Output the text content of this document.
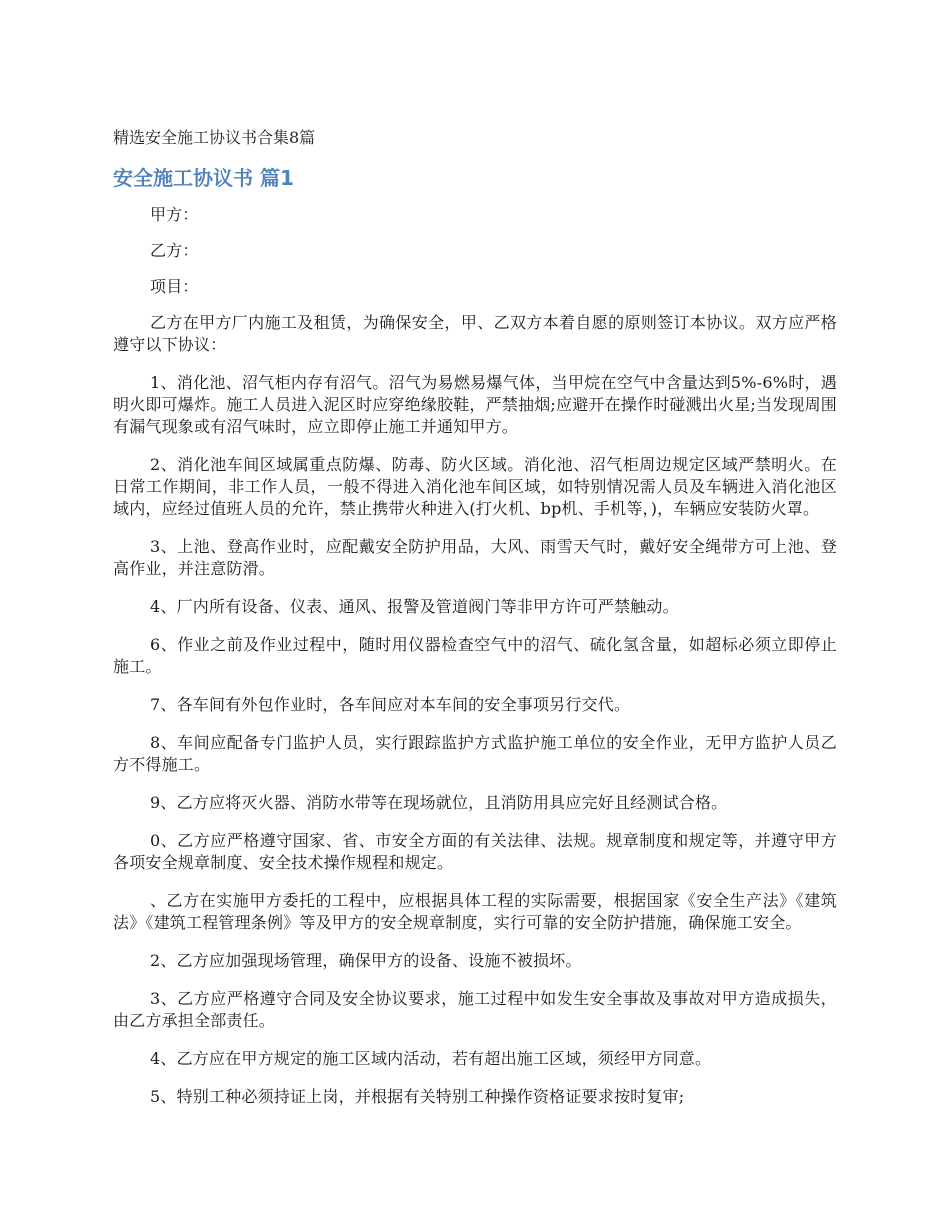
精选安全施工协议书合集8篇
安全施工协议书 篇1

甲方：

乙方：

项目：

乙方在甲方厂内施工及租赁，为确保安全，甲、乙双方本着自愿的原则签订本协议。双方应严格遵守以下协议：

1、消化池、沼气柜内存有沼气。沼气为易燃易爆气体，当甲烷在空气中含量达到5%-6%时，遇明火即可爆炸。施工人员进入泥区时应穿绝缘胶鞋，严禁抽烟;应避开在操作时碰溅出火星;当发现周围有漏气现象或有沼气味时，应立即停止施工并通知甲方。

2、消化池车间区域属重点防爆、防毒、防火区域。消化池、沼气柜周边规定区域严禁明火。在日常工作期间，非工作人员，一般不得进入消化池车间区域，如特别情况需人员及车辆进入消化池区域内，应经过值班人员的允许，禁止携带火种进入(打火机、bp机、手机等，)，车辆应安装防火罩。

3、上池、登高作业时，应配戴安全防护用品，大风、雨雪天气时，戴好安全绳带方可上池、登高作业，并注意防滑。

4、厂内所有设备、仪表、通风、报警及管道阀门等非甲方许可严禁触动。

6、作业之前及作业过程中，随时用仪器检查空气中的沼气、硫化氢含量，如超标必须立即停止施工。

7、各车间有外包作业时，各车间应对本车间的安全事项另行交代。

8、车间应配备专门监护人员，实行跟踪监护方式监护施工单位的安全作业，无甲方监护人员乙方不得施工。

9、乙方应将灭火器、消防水带等在现场就位，且消防用具应完好且经测试合格。

0、乙方应严格遵守国家、省、市安全方面的有关法律、法规。规章制度和规定等，并遵守甲方各项安全规章制度、安全技术操作规程和规定。

、乙方在实施甲方委托的工程中，应根据具体工程的实际需要，根据国家《安全生产法》《建筑法》《建筑工程管理条例》等及甲方的安全规章制度，实行可靠的安全防护措施，确保施工安全。

2、乙方应加强现场管理，确保甲方的设备、设施不被损坏。

3、乙方应严格遵守合同及安全协议要求，施工过程中如发生安全事故及事故对甲方造成损失，由乙方承担全部责任。

4、乙方应在甲方规定的施工区域内活动，若有超出施工区域，须经甲方同意。

5、特别工种必须持证上岗，并根据有关特别工种操作资格证要求按时复审;
